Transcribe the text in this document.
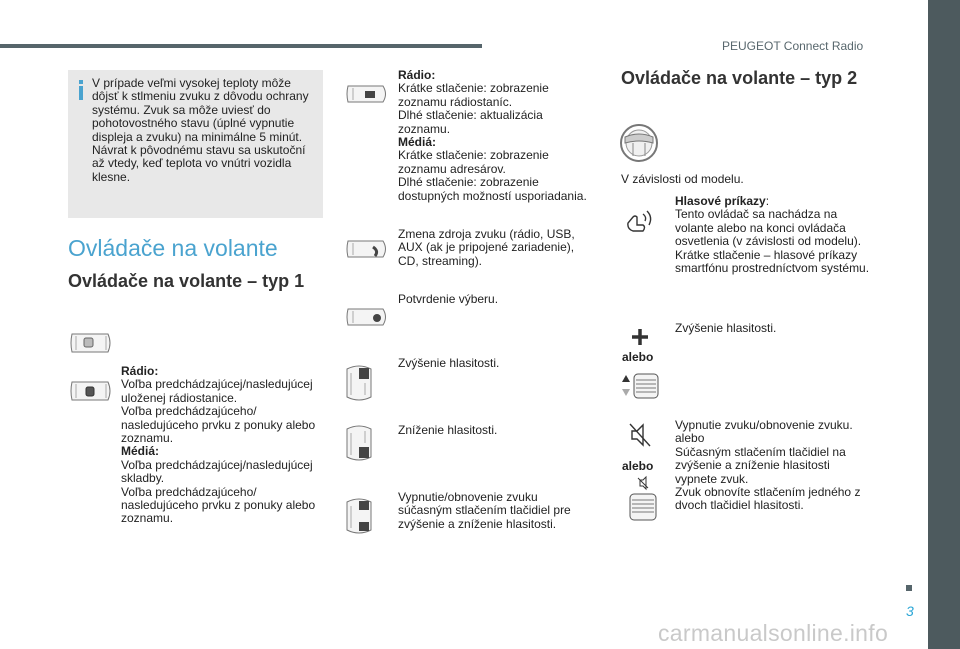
PEUGEOT Connect Radio
3
carmanualsonline.info
V prípade veľmi vysokej teploty môže dôjsť k stlmeniu zvuku z dôvodu ochrany systému. Zvuk sa môže uviesť do pohotovostného stavu (úplné vypnutie displeja a zvuku) na minimálne 5 minút. Návrat k pôvodnému stavu sa uskutoční až vtedy, keď teplota vo vnútri vozidla klesne.
Ovládače na volante
Ovládače na volante – typ 1
Rádio:
Voľba predchádzajúcej/nasledujúcej uloženej rádiostanice.
Voľba predchádzajúceho/ nasledujúceho prvku z ponuky alebo zoznamu.
Médiá:
Voľba predchádzajúcej/nasledujúcej skladby.
Voľba predchádzajúceho/ nasledujúceho prvku z ponuky alebo zoznamu.
Rádio:
Krátke stlačenie: zobrazenie zoznamu rádiostaníc.
Dlhé stlačenie: aktualizácia zoznamu.
Médiá:
Krátke stlačenie: zobrazenie zoznamu adresárov.
Dlhé stlačenie: zobrazenie dostupných možností usporiadania.
Zmena zdroja zvuku (rádio, USB, AUX (ak je pripojené zariadenie), CD, streaming).
Potvrdenie výberu.
Zvýšenie hlasitosti.
Zníženie hlasitosti.
Vypnutie/obnovenie zvuku súčasným stlačením tlačidiel pre zvýšenie a zníženie hlasitosti.
Ovládače na volante – typ 2
V závislosti od modelu.
Hlasové príkazy:
Tento ovládač sa nachádza na volante alebo na konci ovládača osvetlenia (v závislosti od modelu). Krátke stlačenie – hlasové príkazy smartfónu prostredníctvom systému.
alebo
Zvýšenie hlasitosti.
alebo
Vypnutie zvuku/obnovenie zvuku.
alebo
Súčasným stlačením tlačidiel na zvýšenie a zníženie hlasitosti vypnete zvuk.
Zvuk obnovíte stlačením jedného z dvoch tlačidiel hlasitosti.
